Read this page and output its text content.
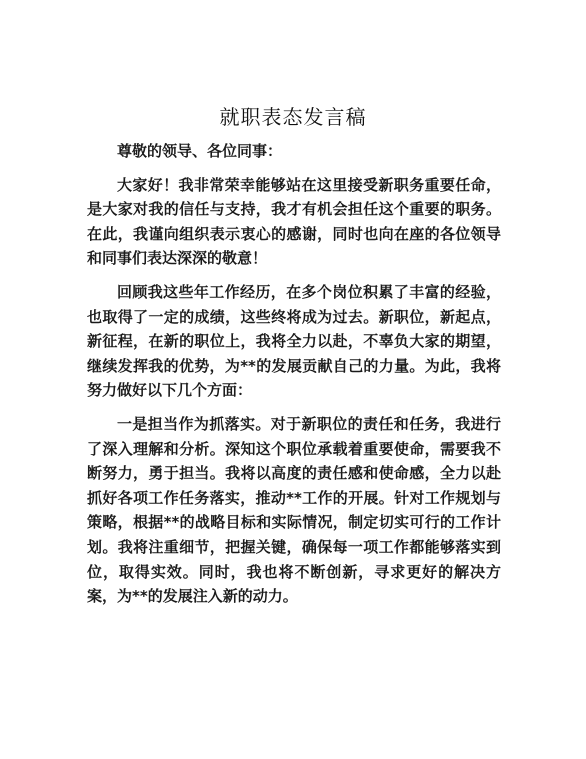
就职表态发言稿

尊敬的领导、各位同事：

大家好！我非常荣幸能够站在这里接受新职务重要任命，是大家对我的信任与支持，我才有机会担任这个重要的职务。在此，我谨向组织表示衷心的感谢，同时也向在座的各位领导和同事们表达深深的敬意！

回顾我这些年工作经历，在多个岗位积累了丰富的经验，也取得了一定的成绩，这些终将成为过去。新职位，新起点，新征程，在新的职位上，我将全力以赴，不辜负大家的期望，继续发挥我的优势，为**的发展贡献自己的力量。为此，我将努力做好以下几个方面：

一是担当作为抓落实。对于新职位的责任和任务，我进行了深入理解和分析。深知这个职位承载着重要使命，需要我不断努力，勇于担当。我将以高度的责任感和使命感，全力以赴抓好各项工作任务落实，推动**工作的开展。针对工作规划与策略，根据**的战略目标和实际情况，制定切实可行的工作计划。我将注重细节，把握关键，确保每一项工作都能够落实到位，取得实效。同时，我也将不断创新，寻求更好的解决方案，为**的发展注入新的动力。
